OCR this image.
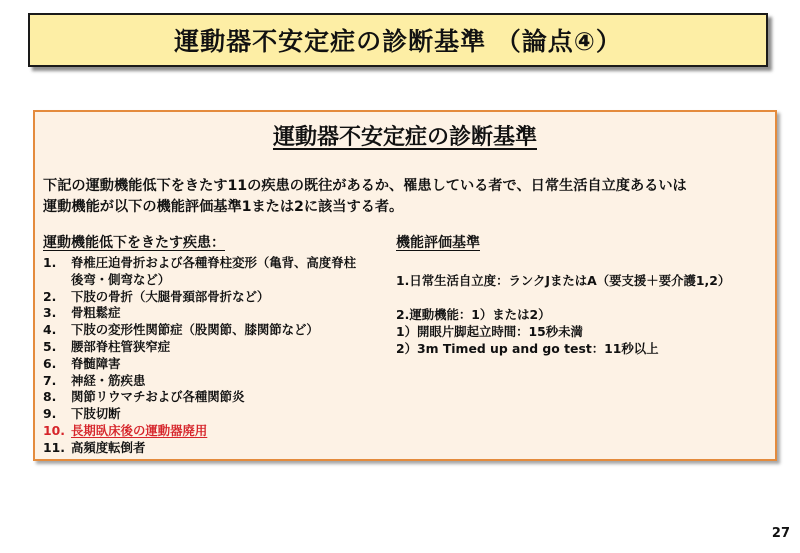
運動器不安定症の診断基準 （論点④）
運動器不安定症の診断基準
下記の運動機能低下をきたす11の疾患の既往があるか、罹患している者で、日常生活自立度あるいは
運動機能が以下の機能評価基準1または2に該当する者。
運動機能低下をきたす疾患：
1.	脊椎圧迫骨折および各種脊柱変形（亀背、高度脊柱
後弯・側弯など）
2.	下肢の骨折（大腿骨頚部骨折など）
3.	骨粗鬆症
4.	下肢の変形性関節症（股関節、膝関節など）
5.	腰部脊柱管狭窄症
6.	脊髄障害
7.	神経・筋疾患
8.	関節リウマチおよび各種関節炎
9.	下肢切断
10. 長期臥床後の運動器廃用
11. 高頻度転倒者
機能評価基準
1.日常生活自立度：ランクJまたはA（要支援＋要介護1,2）
2.運動機能：1）または2）
1）開眼片脚起立時間：15秒未満
2）3m Timed up and go test：11秒以上
27
